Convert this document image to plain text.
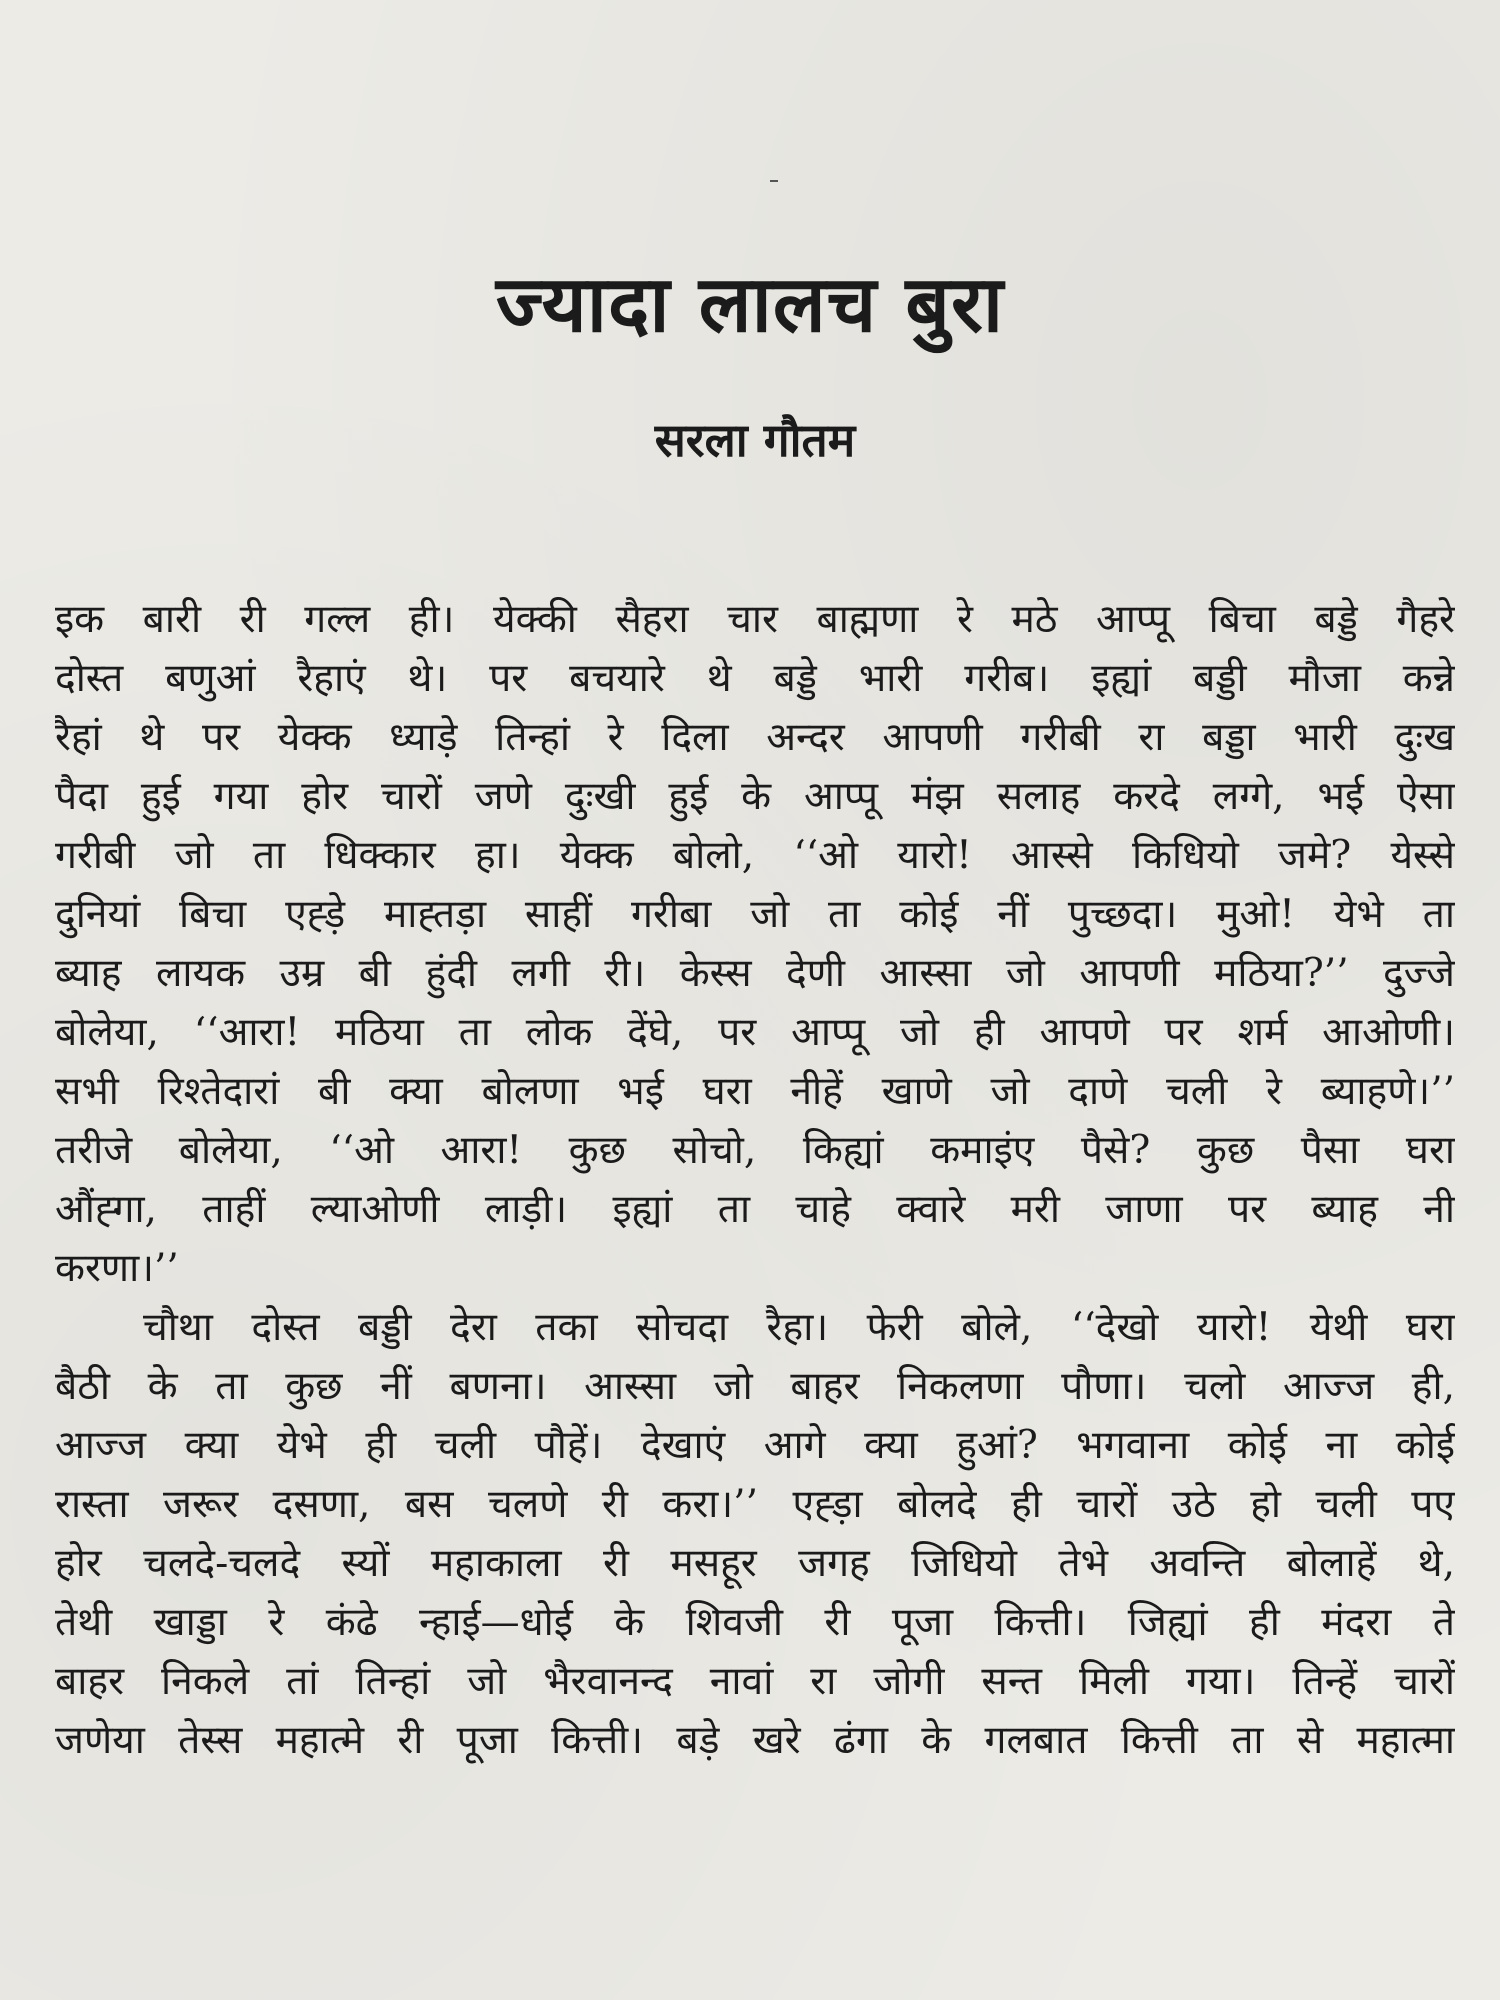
ज्यादा लालच बुरा
सरला गौतम
इक बारी री गल्ल ही। येक्की सैहरा चार बाह्मणा रे मठे आप्पू बिचा बड्डे गैहरे
दोस्त बणुआं रैहाएं थे। पर बचयारे थे बड्डे भारी गरीब। इह्यां बड्डी मौजा कन्ने
रैहां थे पर येक्क ध्याड़े तिन्हां रे दिला अन्दर आपणी गरीबी रा बड्डा भारी दुःख
पैदा हुई गया होर चारों जणे दुःखी हुई के आप्पू मंझ सलाह करदे लग्गे, भई ऐसा
गरीबी जो ता धिक्कार हा। येक्क बोलो, ‘‘ओ यारो! आस्से किधियो जमे? येस्से
दुनियां बिचा एह्ड़े माह्तड़ा साहीं गरीबा जो ता कोई नीं पुच्छदा। मुओ! येभे ता
ब्याह लायक उम्र बी हुंदी लगी री। केस्स देणी आस्सा जो आपणी मठिया?’’ दुज्जे
बोलेया, ‘‘आरा! मठिया ता लोक देंघे, पर आप्पू जो ही आपणे पर शर्म आओणी।
सभी रिश्तेदारां बी क्या बोलणा भई घरा नीहें खाणे जो दाणे चली रे ब्याहणे।’’
तरीजे बोलेया, ‘‘ओ आरा! कुछ सोचो, किह्यां कमाइंए पैसे? कुछ पैसा घरा
औंह्गा, ताहीं ल्याओणी लाड़ी। इह्यां ता चाहे क्वारे मरी जाणा पर ब्याह नी
करणा।’’
चौथा दोस्त बड्डी देरा तका सोचदा रैहा। फेरी बोले, ‘‘देखो यारो! येथी घरा
बैठी के ता कुछ नीं बणना। आस्सा जो बाहर निकलणा पौणा। चलो आज्ज ही,
आज्ज क्या येभे ही चली पौहें। देखाएं आगे क्या हुआं? भगवाना कोई ना कोई
रास्ता जरूर दसणा, बस चलणे री करा।’’ एह्ड़ा बोलदे ही चारों उठे हो चली पए
होर चलदे-चलदे स्यों महाकाला री मसहूर जगह जिधियो तेभे अवन्ति बोलाहें थे,
तेथी खाड्डा रे कंढे न्हाई—धोई के शिवजी री पूजा कित्ती। जिह्यां ही मंदरा ते
बाहर निकले तां तिन्हां जो भैरवानन्द नावां रा जोगी सन्त मिली गया। तिन्हें चारों
जणेया तेस्स महात्मे री पूजा कित्ती। बड़े खरे ढंगा के गलबात कित्ती ता से महात्मा
